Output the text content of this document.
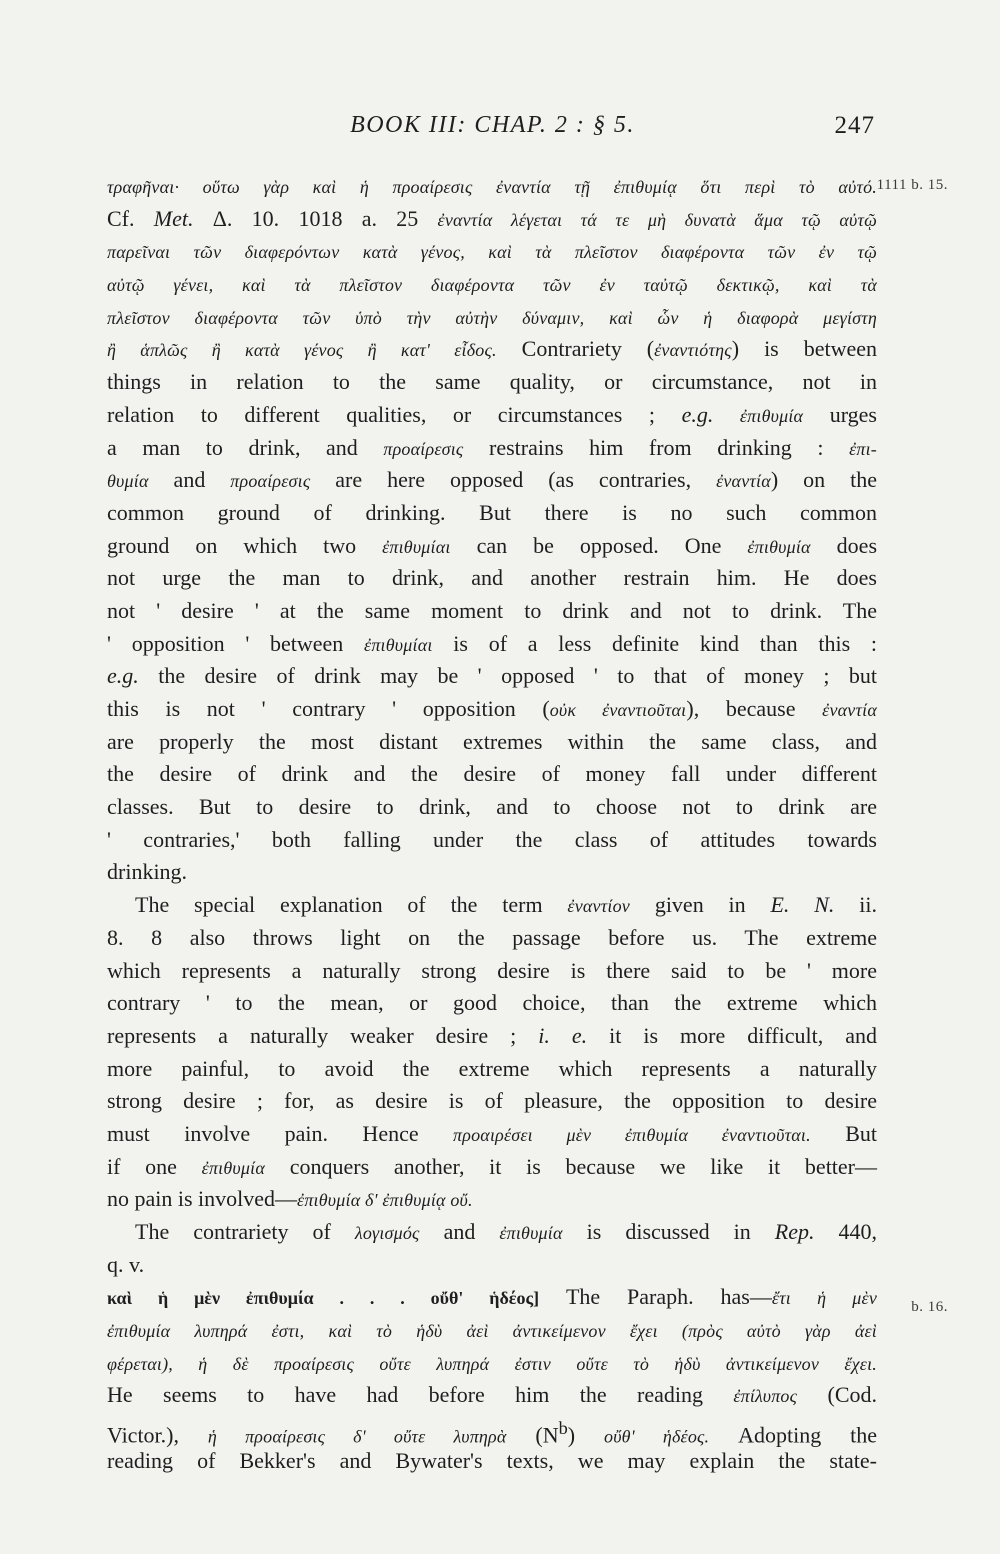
BOOK III: CHAP. 2 : § 5.	247
1111 b. 15.
b. 16.
τραφῆναι· οὕτω γὰρ καὶ ἡ προαίρεσις ἐναντία τῇ ἐπιθυμίᾳ ὅτι περὶ τὸ αὐτό.
Cf. Met. Δ. 10. 1018 a. 25 ἐναντία λέγεται τά τε μὴ δυνατὰ ἅμα τῷ αὐτῷ
παρεῖναι τῶν διαφερόντων κατὰ γένος, καὶ τὰ πλεῖστον διαφέροντα τῶν ἐν τῷ
αὐτῷ γένει, καὶ τὰ πλεῖστον διαφέροντα τῶν ἐν ταὐτῷ δεκτικῷ, καὶ τὰ
πλεῖστον διαφέροντα τῶν ὑπὸ τὴν αὐτὴν δύναμιν, καὶ ὧν ἡ διαφορὰ μεγίστη
ἢ ἁπλῶς ἢ κατὰ γένος ἢ κατ' εἶδος. Contrariety (ἐναντιότης) is between
things in relation to the same quality, or circumstance, not in
relation to different qualities, or circumstances ; e.g. ἐπιθυμία urges
a man to drink, and προαίρεσις restrains him from drinking : ἐπι-
θυμία and προαίρεσις are here opposed (as contraries, ἐναντία) on the
common ground of drinking. But there is no such common
ground on which two ἐπιθυμίαι can be opposed. One ἐπιθυμία does
not urge the man to drink, and another restrain him. He does
not ' desire ' at the same moment to drink and not to drink. The
' opposition ' between ἐπιθυμίαι is of a less definite kind than this :
e.g. the desire of drink may be ' opposed ' to that of money ; but
this is not ' contrary ' opposition (οὐκ ἐναντιοῦται), because ἐναντία
are properly the most distant extremes within the same class, and
the desire of drink and the desire of money fall under different
classes. But to desire to drink, and to choose not to drink are
' contraries,' both falling under the class of attitudes towards
drinking.
The special explanation of the term ἐναντίον given in E. N. ii.
8. 8 also throws light on the passage before us. The extreme
which represents a naturally strong desire is there said to be ' more
contrary ' to the mean, or good choice, than the extreme which
represents a naturally weaker desire ; i. e. it is more difficult, and
more painful, to avoid the extreme which represents a naturally
strong desire ; for, as desire is of pleasure, the opposition to desire
must involve pain. Hence προαιρέσει μὲν ἐπιθυμία ἐναντιοῦται. But
if one ἐπιθυμία conquers another, it is because we like it better—
no pain is involved—ἐπιθυμία δ' ἐπιθυμίᾳ οὔ.
The contrariety of λογισμός and ἐπιθυμία is discussed in Rep. 440,
q. v.
καὶ ἡ μὲν ἐπιθυμία . . . οὔθ' ἡδέος] The Paraph. has—ἔτι ἡ μὲν
ἐπιθυμία λυπηρά ἐστι, καὶ τὸ ἡδὺ ἀεὶ ἀντικείμενον ἔχει (πρὸς αὐτὸ γὰρ ἀεὶ
φέρεται), ἡ δὲ προαίρεσις οὔτε λυπηρά ἐστιν οὔτε τὸ ἡδὺ ἀντικείμενον ἔχει.
He seems to have had before him the reading ἐπίλυπος (Cod.
Victor.), ἡ προαίρεσις δ' οὔτε λυπηρὰ $(N^b)$ οὔθ' ἡδέος. Adopting the
reading of Bekker's and Bywater's texts, we may explain the state-
